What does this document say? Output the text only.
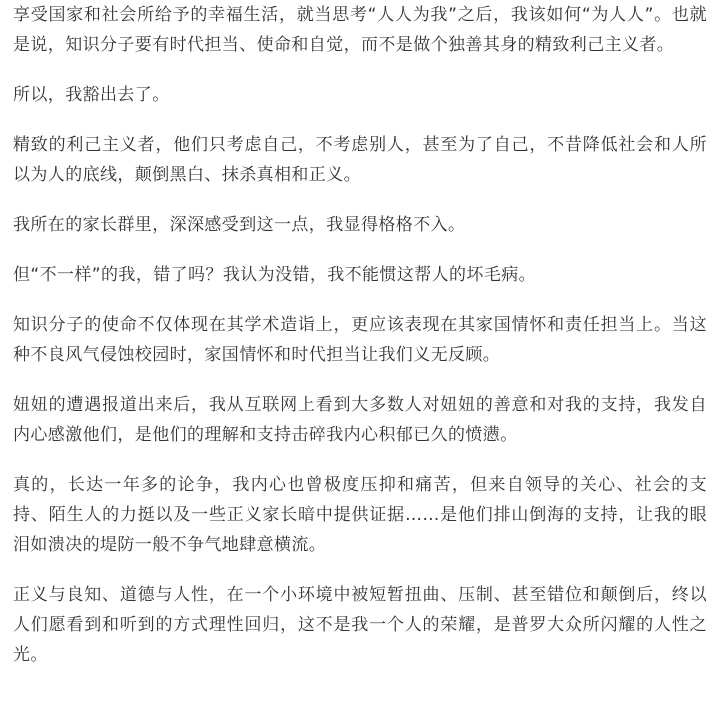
享受国家和社会所给予的幸福生活，就当思考“人人为我”之后，我该如何“为人人”。也就是说，知识分子要有时代担当、使命和自觉，而不是做个独善其身的精致利己主义者。

所以，我豁出去了。

精致的利己主义者，他们只考虑自己，不考虑别人，甚至为了自己，不昔降低社会和人所以为人的底线，颠倒黑白、抹杀真相和正义。

我所在的家长群里，深深感受到这一点，我显得格格不入。

但“不一样”的我，错了吗？我认为没错，我不能惯这帮人的坏毛病。

知识分子的使命不仅体现在其学术造诣上，更应该表现在其家国情怀和责任担当上。当这种不良风气侵蚀校园时，家国情怀和时代担当让我们义无反顾。

妞妞的遭遇报道出来后，我从互联网上看到大多数人对妞妞的善意和对我的支持，我发自内心感激他们，是他们的理解和支持击碎我内心积郁已久的愤懑。

真的，长达一年多的论争，我内心也曾极度压抑和痛苦，但来自领导的关心、社会的支持、陌生人的力挺以及一些正义家长暗中提供证据……是他们排山倒海的支持，让我的眼泪如溃决的堤防一般不争气地肆意横流。

正义与良知、道德与人性，在一个小环境中被短暂扭曲、压制、甚至错位和颠倒后，终以人们愿看到和听到的方式理性回归，这不是我一个人的荣耀，是普罗大众所闪耀的人性之光。
